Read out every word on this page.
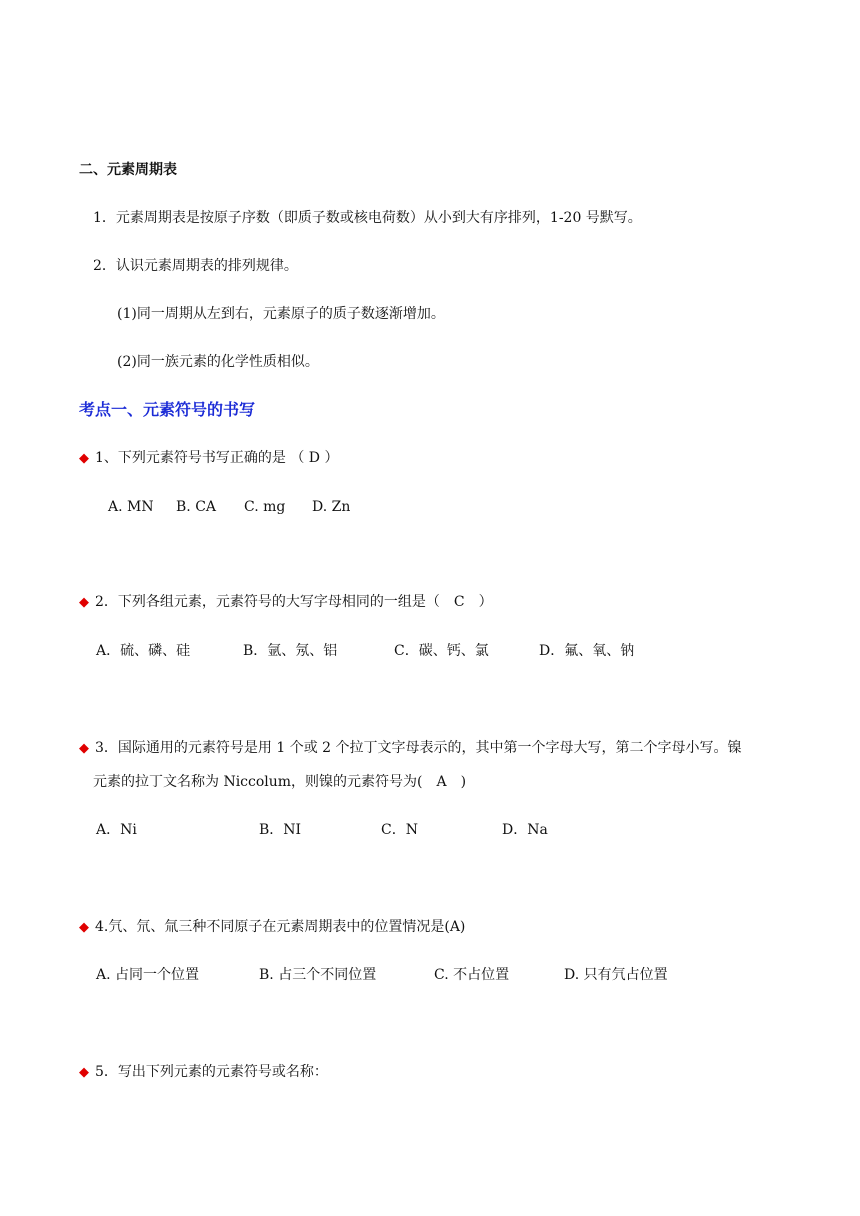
二、元素周期表
1．元素周期表是按原子序数（即质子数或核电荷数）从小到大有序排列，1-20 号默写。
2．认识元素周期表的排列规律。
(1)同一周期从左到右，元素原子的质子数逐渐增加。
(2)同一族元素的化学性质相似。
考点一、元素符号的书写
◆ 1、下列元素符号书写正确的是 （ D ）
A. MN B. CA C. mg D. Zn
◆ 2．下列各组元素，元素符号的大写字母相同的一组是（　C　）
A．硫、磷、硅	B．氩、氖、铝	C．碳、钙、氯	D．氟、氧、钠
◆ 3．国际通用的元素符号是用 1 个或 2 个拉丁文字母表示的，其中第一个字母大写，第二个字母小写。镍
元素的拉丁文名称为 Niccolum，则镍的元素符号为(　A　)
A．Ni	B．NI	C．N	D．Na
◆ 4.氕、氘、氚三种不同原子在元素周期表中的位置情况是(A)
A. 占同一个位置	B. 占三个不同位置	C. 不占位置	D. 只有氕占位置
◆ 5．写出下列元素的元素符号或名称：
